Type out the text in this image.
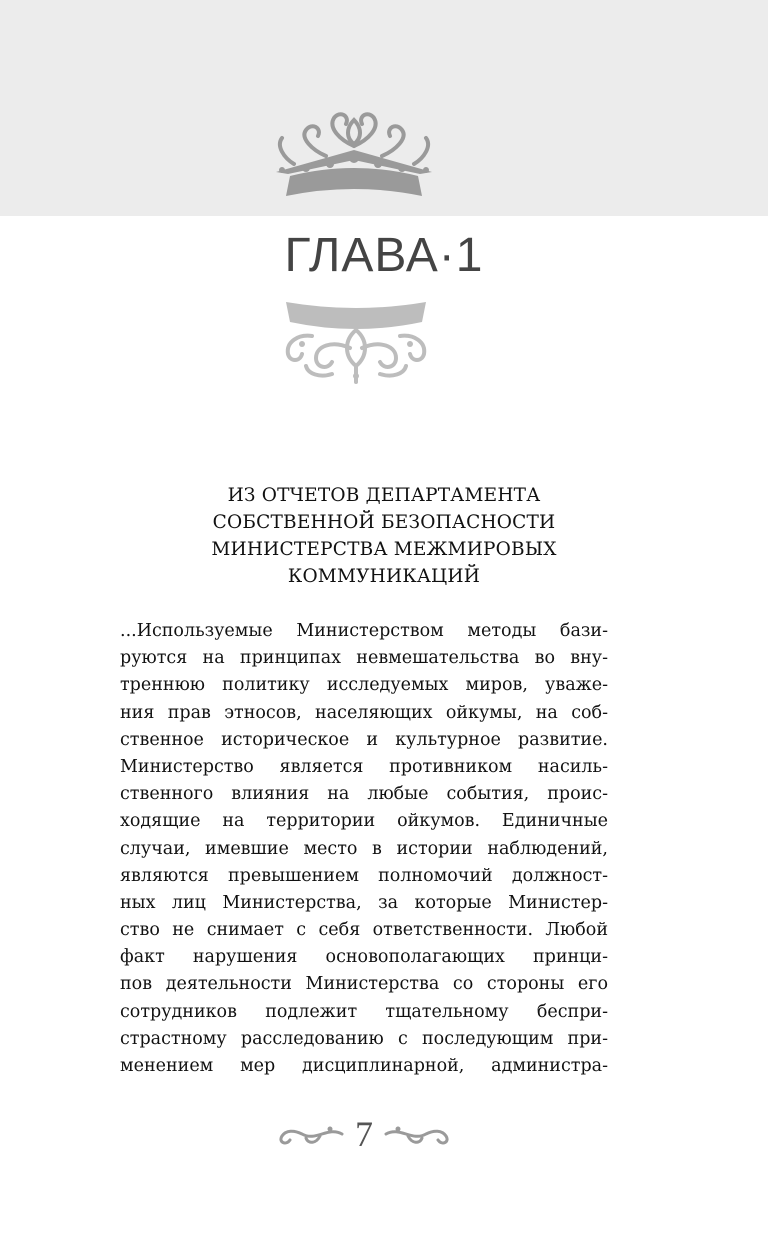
ГЛАВА·1
ИЗ ОТЧЕТОВ ДЕПАРТАМЕНТА
СОБСТВЕННОЙ БЕЗОПАСНОСТИ
МИНИСТЕРСТВА МЕЖМИРОВЫХ
КОММУНИКАЦИЙ
...Используемые Министерством методы бази-
руются на принципах невмешательства во вну-
треннюю политику исследуемых миров, уваже-
ния прав этносов, населяющих ойкумы, на соб-
ственное историческое и культурное развитие.
Министерство является противником насиль-
ственного влияния на любые события, проис-
ходящие на территории ойкумов. Единичные
случаи, имевшие место в истории наблюдений,
являются превышением полномочий должност-
ных лиц Министерства, за которые Министер-
ство не снимает с себя ответственности. Любой
факт нарушения основополагающих принци-
пов деятельности Министерства со стороны его
сотрудников подлежит тщательному беспри-
страстному расследованию с последующим при-
менением мер дисциплинарной, администра-
7
